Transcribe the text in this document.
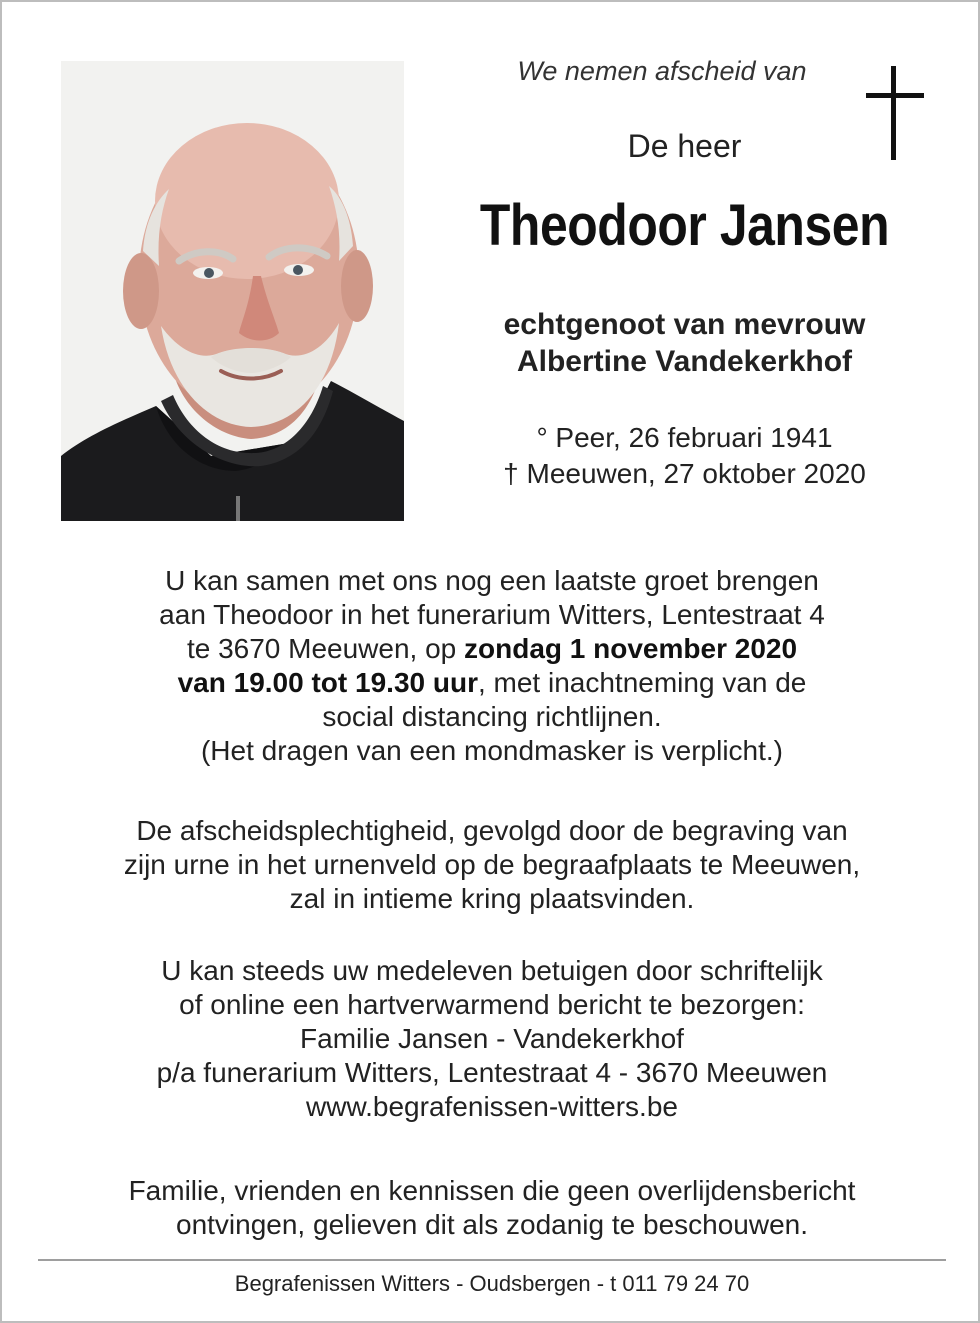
We nemen afscheid van
De heer
Theodoor Jansen
echtgenoot van mevrouw
Albertine Vandekerkhof
° Peer, 26 februari 1941
† Meeuwen, 27 oktober 2020
U kan samen met ons nog een laatste groet brengen
aan Theodoor in het funerarium Witters, Lentestraat 4
te 3670 Meeuwen, op zondag 1 november 2020
van 19.00 tot 19.30 uur, met inachtneming van de
social distancing richtlijnen.
(Het dragen van een mondmasker is verplicht.)
De afscheidsplechtigheid, gevolgd door de begraving van
zijn urne in het urnenveld op de begraafplaats te Meeuwen,
zal in intieme kring plaatsvinden.
U kan steeds uw medeleven betuigen door schriftelijk
of online een hartverwarmend bericht te bezorgen:
Familie Jansen - Vandekerkhof
p/a funerarium Witters, Lentestraat 4 - 3670 Meeuwen
www.begrafenissen-witters.be
Familie, vrienden en kennissen die geen overlijdensbericht
ontvingen, gelieven dit als zodanig te beschouwen.
Begrafenissen Witters - Oudsbergen - t 011 79 24 70
